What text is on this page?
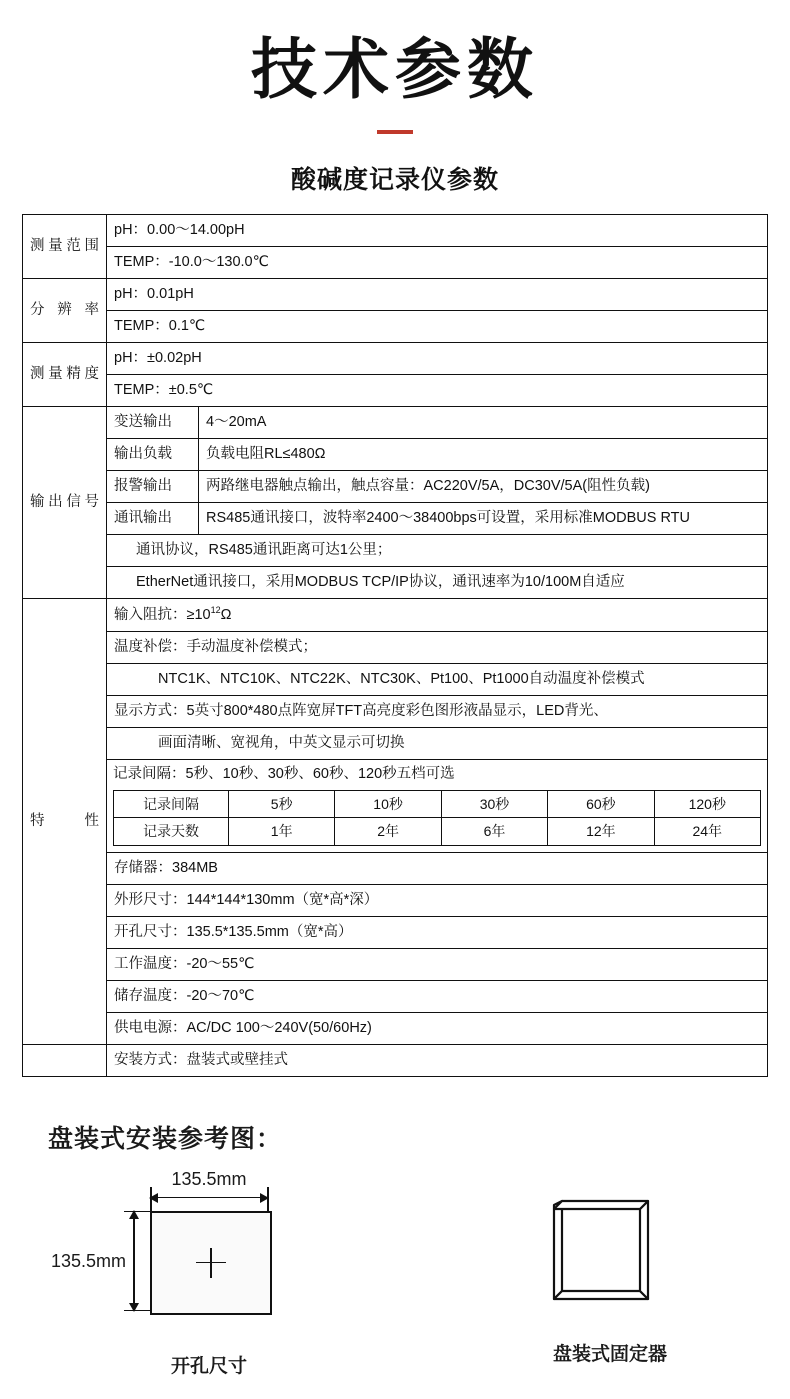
技术参数
酸碱度记录仪参数
测量范围	pH：0.00～14.00pH
TEMP：-10.0～130.0℃
分辨率	pH：0.01pH
TEMP：0.1℃
测量精度	pH：±0.02pH
TEMP：±0.5℃
输出信号	变送输出	4～20mA
输出负载	负载电阻RL≤480Ω
报警输出	两路继电器触点输出，触点容量：AC220V/5A，DC30V/5A(阻性负载)
通讯输出	RS485通讯接口，波特率2400～38400bps可设置，采用标准MODBUS RTU

通讯协议，RS485通讯距离可达1公里；

EtherNet通讯接口，采用MODBUS TCP/IP协议，通讯速率为10/100M自适应

特 性	输入阻抗：$\ge 10^{12}\Omega$
温度补偿：手动温度补偿模式；

NTC1K、NTC10K、NTC22K、NTC30K、Pt100、Pt1000自动温度补偿模式

显示方式：5英寸800*480点阵宽屏TFT高亮度彩色图形液晶显示，LED背光、

画面清晰、宽视角，中英文显示可切换

记录间隔：5秒、10秒、30秒、60秒、120秒五档可选
记录间隔	5秒	10秒	30秒	60秒	120秒
记录天数	1年	2年	6年	12年	24年

存储器：384MB
外形尺寸：144*144*130mm（宽*高*深）
开孔尺寸：135.5*135.5mm（宽*高）
工作温度：-20～55℃
储存温度：-20～70℃
供电电源：AC/DC 100～240V(50/60Hz)
	安装方式：盘装式或壁挂式
盘装式安装参考图：
135.5mm
135.5mm
开孔尺寸
盘装式固定器
